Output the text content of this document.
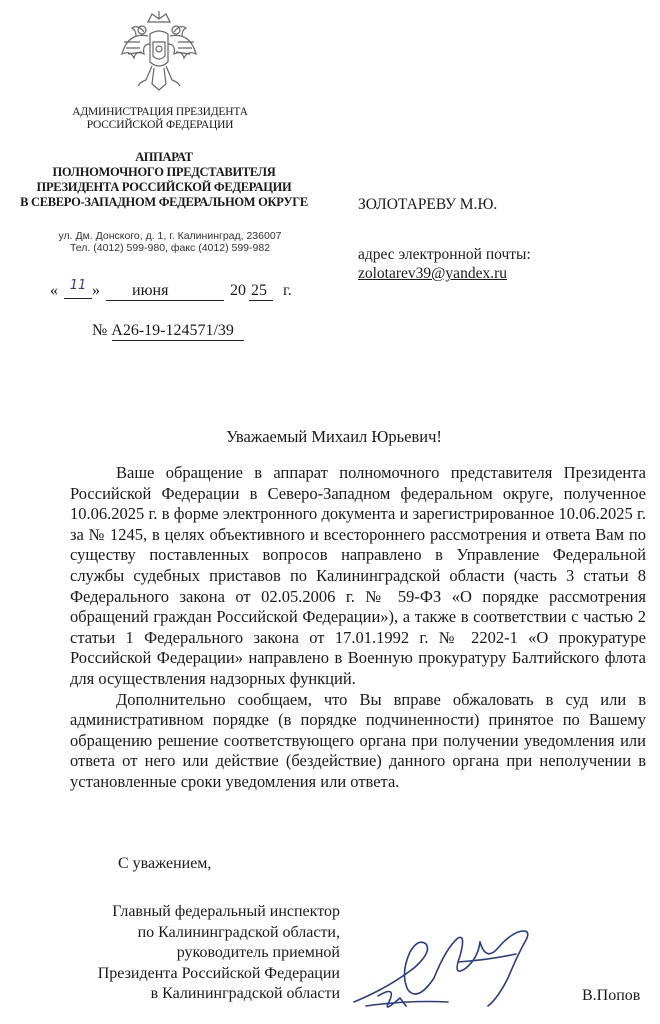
АДМИНИСТРАЦИЯ ПРЕЗИДЕНТА
РОССИЙСКОЙ ФЕДЕРАЦИИ
АППАРАТ
ПОЛНОМОЧНОГО ПРЕДСТАВИТЕЛЯ
ПРЕЗИДЕНТА РОССИЙСКОЙ ФЕДЕРАЦИИ
В СЕВЕРО-ЗАПАДНОМ ФЕДЕРАЛЬНОМ ОКРУГЕ
ул. Дм. Донского, д. 1, г. Калининград, 236007
Тел. (4012) 599-980, факс (4012) 599-982
« 11 » июня	20 25 г.
№ А26-19-124571/39
ЗОЛОТАРЕВУ М.Ю.
адрес электронной почты:
zolotarev39@yandex.ru
Уважаемый Михаил Юрьевич!

Ваше обращение в аппарат полномочного представителя Президента Российской Федерации в Северо-Западном федеральном округе, полученное 10.06.2025 г. в форме электронного документа и зарегистрированное 10.06.2025 г. за № 1245, в целях объективного и всестороннего рассмотрения и ответа Вам по существу поставленных вопросов направлено в Управление Федеральной службы судебных приставов по Калининградской области (часть 3 статьи 8 Федерального закона от 02.05.2006 г. № 59-ФЗ «О порядке рассмотрения обращений граждан Российской Федерации»), а также в соответствии с частью 2 статьи 1 Федерального закона от 17.01.1992 г. № 2202-1 «О прокуратуре Российской Федерации» направлено в Военную прокуратуру Балтийского флота для осуществления надзорных функций.

Дополнительно сообщаем, что Вы вправе обжаловать в суд или в административном порядке (в порядке подчиненности) принятое по Вашему обращению решение соответствующего органа при получении уведомления или ответа от него или действие (бездействие) данного органа при неполучении в установленные сроки уведомления или ответа.

С уважением,
Главный федеральный инспектор
по Калининградской области,
руководитель приемной
Президента Российской Федерации
в Калининградской области	В.Попов
